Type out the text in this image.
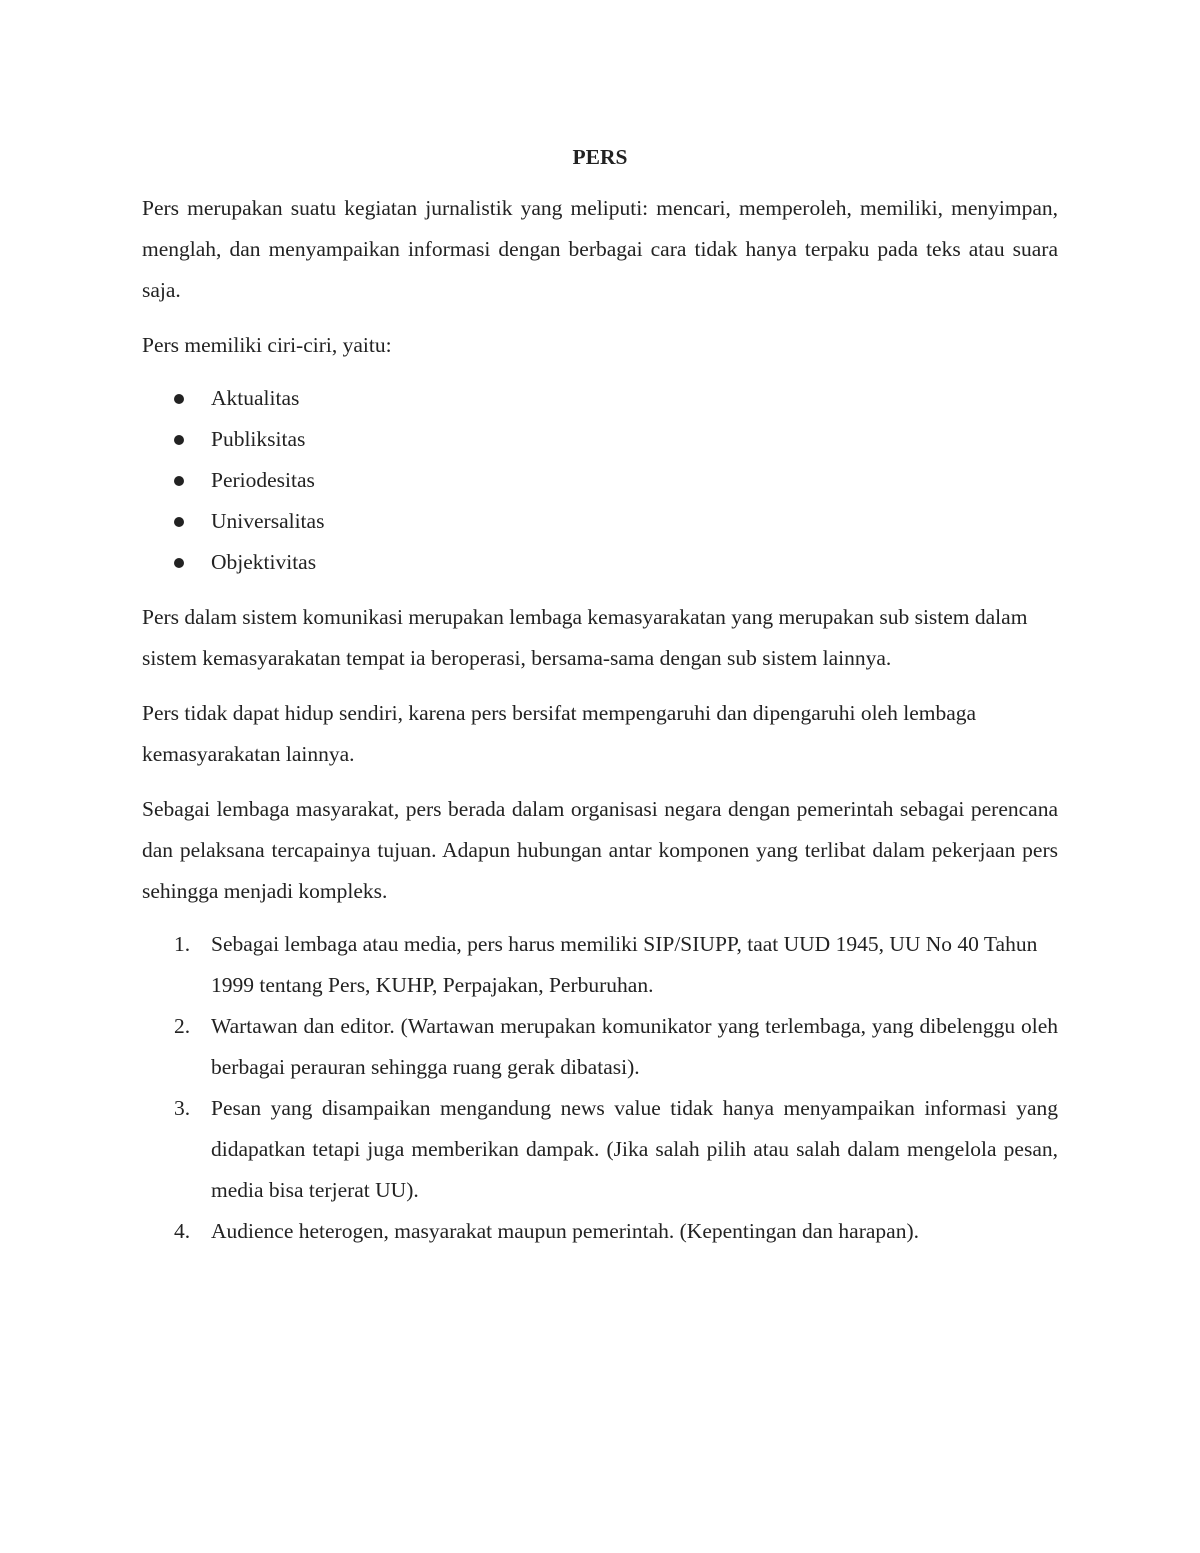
PERS

Pers merupakan suatu kegiatan jurnalistik yang meliputi: mencari, memperoleh, memiliki, menyimpan, menglah, dan menyampaikan informasi dengan berbagai cara tidak hanya terpaku pada teks atau suara saja.

Pers memiliki ciri-ciri, yaitu:

Aktualitas
Publiksitas
Periodesitas
Universalitas
Objektivitas

Pers dalam sistem komunikasi merupakan lembaga kemasyarakatan yang merupakan sub sistem dalam sistem kemasyarakatan tempat ia beroperasi, bersama-sama dengan sub sistem lainnya.

Pers tidak dapat hidup sendiri, karena pers bersifat mempengaruhi dan dipengaruhi oleh lembaga kemasyarakatan lainnya.

Sebagai lembaga masyarakat, pers berada dalam organisasi negara dengan pemerintah sebagai perencana dan pelaksana tercapainya tujuan. Adapun hubungan antar komponen yang terlibat dalam pekerjaan pers sehingga menjadi kompleks.

1. Sebagai lembaga atau media, pers harus memiliki SIP/SIUPP, taat UUD 1945, UU No 40 Tahun 1999 tentang Pers, KUHP, Perpajakan, Perburuhan.
2. Wartawan dan editor. (Wartawan merupakan komunikator yang terlembaga, yang dibelenggu oleh berbagai perauran sehingga ruang gerak dibatasi).
3. Pesan yang disampaikan mengandung news value tidak hanya menyampaikan informasi yang didapatkan tetapi juga memberikan dampak. (Jika salah pilih atau salah dalam mengelola pesan, media bisa terjerat UU).
4. Audience heterogen, masyarakat maupun pemerintah. (Kepentingan dan harapan).
